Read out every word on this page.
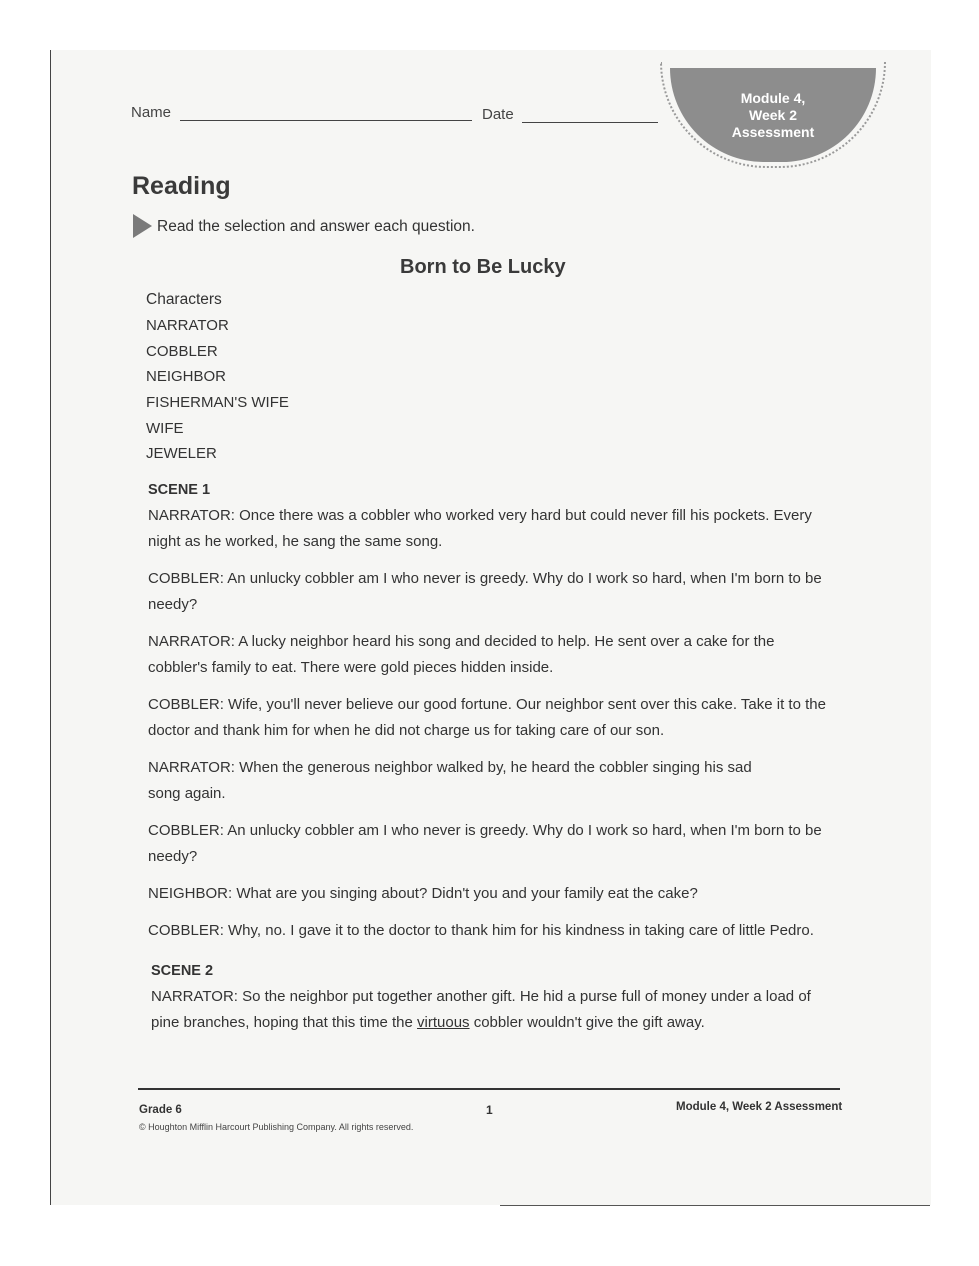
Name	Date
Module 4,
Week 2
Assessment
Reading
Read the selection and answer each question.
Born to Be Lucky
Characters
NARRATOR
COBBLER
NEIGHBOR
FISHERMAN'S WIFE
WIFE
JEWELER
SCENE 1
NARRATOR: Once there was a cobbler who worked very hard but could never fill his pockets. Every night as he worked, he sang the same song.
COBBLER: An unlucky cobbler am I who never is greedy. Why do I work so hard, when I'm born to be needy?
NARRATOR: A lucky neighbor heard his song and decided to help. He sent over a cake for the cobbler's family to eat. There were gold pieces hidden inside.
COBBLER: Wife, you'll never believe our good fortune. Our neighbor sent over this cake. Take it to the doctor and thank him for when he did not charge us for taking care of our son.
NARRATOR: When the generous neighbor walked by, he heard the cobbler singing his sad song again.
COBBLER: An unlucky cobbler am I who never is greedy. Why do I work so hard, when I'm born to be needy?
NEIGHBOR: What are you singing about? Didn't you and your family eat the cake?
COBBLER: Why, no. I gave it to the doctor to thank him for his kindness in taking care of little Pedro.
SCENE 2
NARRATOR: So the neighbor put together another gift. He hid a purse full of money under a load of pine branches, hoping that this time the virtuous cobbler wouldn't give the gift away.
Grade 6
© Houghton Mifflin Harcourt Publishing Company. All rights reserved.
1	Module 4, Week 2 Assessment
